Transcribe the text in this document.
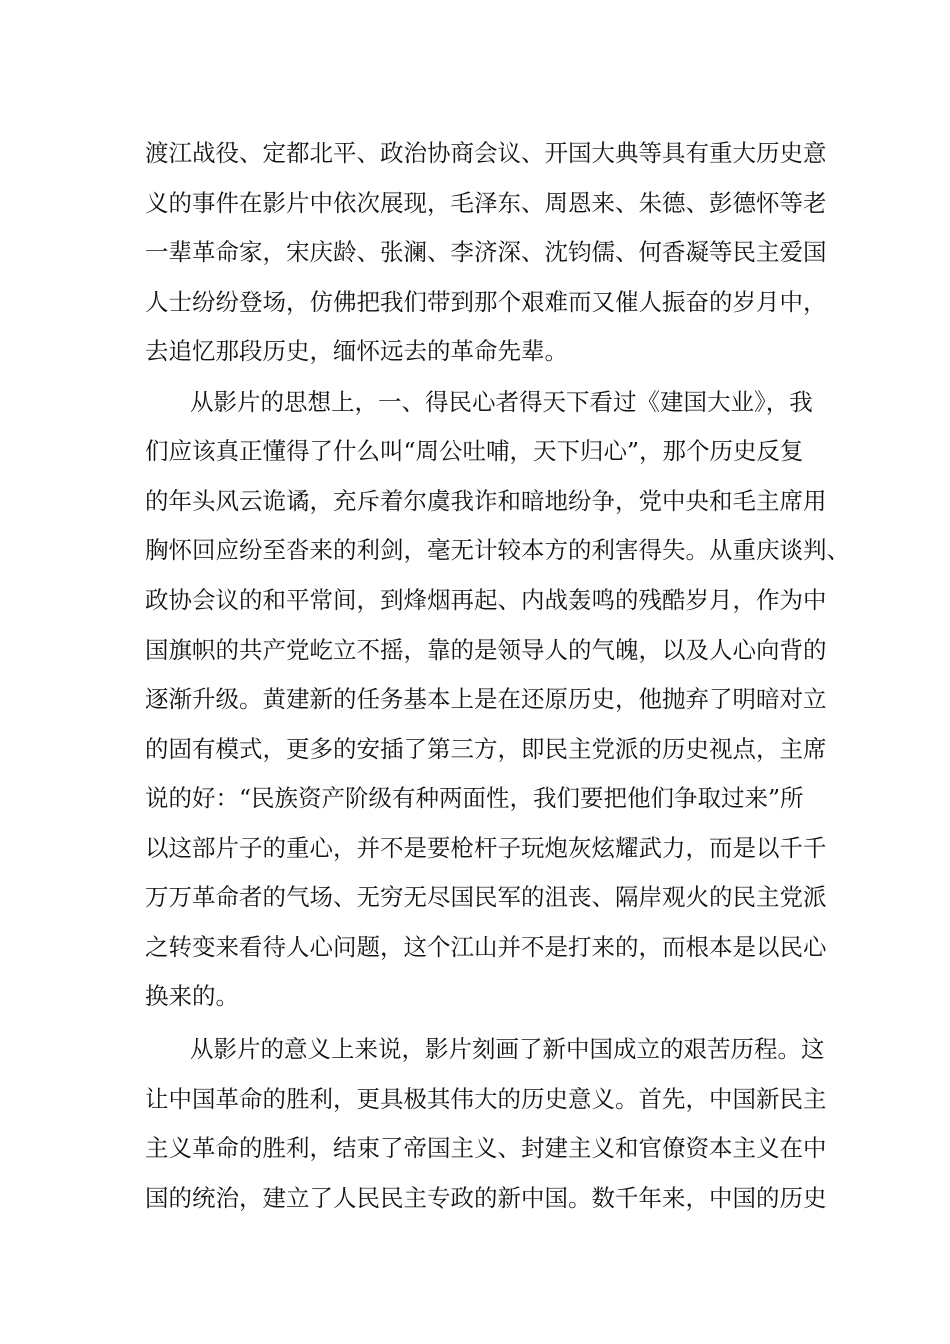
渡江战役、定都北平、政治协商会议、开国大典等具有重大历史意
义的事件在影片中依次展现，毛泽东、周恩来、朱德、彭德怀等老
一辈革命家，宋庆龄、张澜、李济深、沈钧儒、何香凝等民主爱国
人士纷纷登场，仿佛把我们带到那个艰难而又催人振奋的岁月中，
去追忆那段历史，缅怀远去的革命先辈。
从影片的思想上，一、得民心者得天下看过《建国大业》，我
们应该真正懂得了什么叫“周公吐哺，天下归心”，那个历史反复
的年头风云诡谲，充斥着尔虞我诈和暗地纷争，党中央和毛主席用
胸怀回应纷至沓来的利剑，毫无计较本方的利害得失。从重庆谈判、
政协会议的和平常间，到烽烟再起、内战轰鸣的残酷岁月，作为中
国旗帜的共产党屹立不摇，靠的是领导人的气魄，以及人心向背的
逐渐升级。黄建新的任务基本上是在还原历史，他抛弃了明暗对立
的固有模式，更多的安插了第三方，即民主党派的历史视点，主席
说的好：“民族资产阶级有种两面性，我们要把他们争取过来”所
以这部片子的重心，并不是要枪杆子玩炮灰炫耀武力，而是以千千
万万革命者的气场、无穷无尽国民军的沮丧、隔岸观火的民主党派
之转变来看待人心问题，这个江山并不是打来的，而根本是以民心
换来的。
从影片的意义上来说，影片刻画了新中国成立的艰苦历程。这
让中国革命的胜利，更具极其伟大的历史意义。首先，中国新民主
主义革命的胜利，结束了帝国主义、封建主义和官僚资本主义在中
国的统治，建立了人民民主专政的新中国。数千年来，中国的历史
